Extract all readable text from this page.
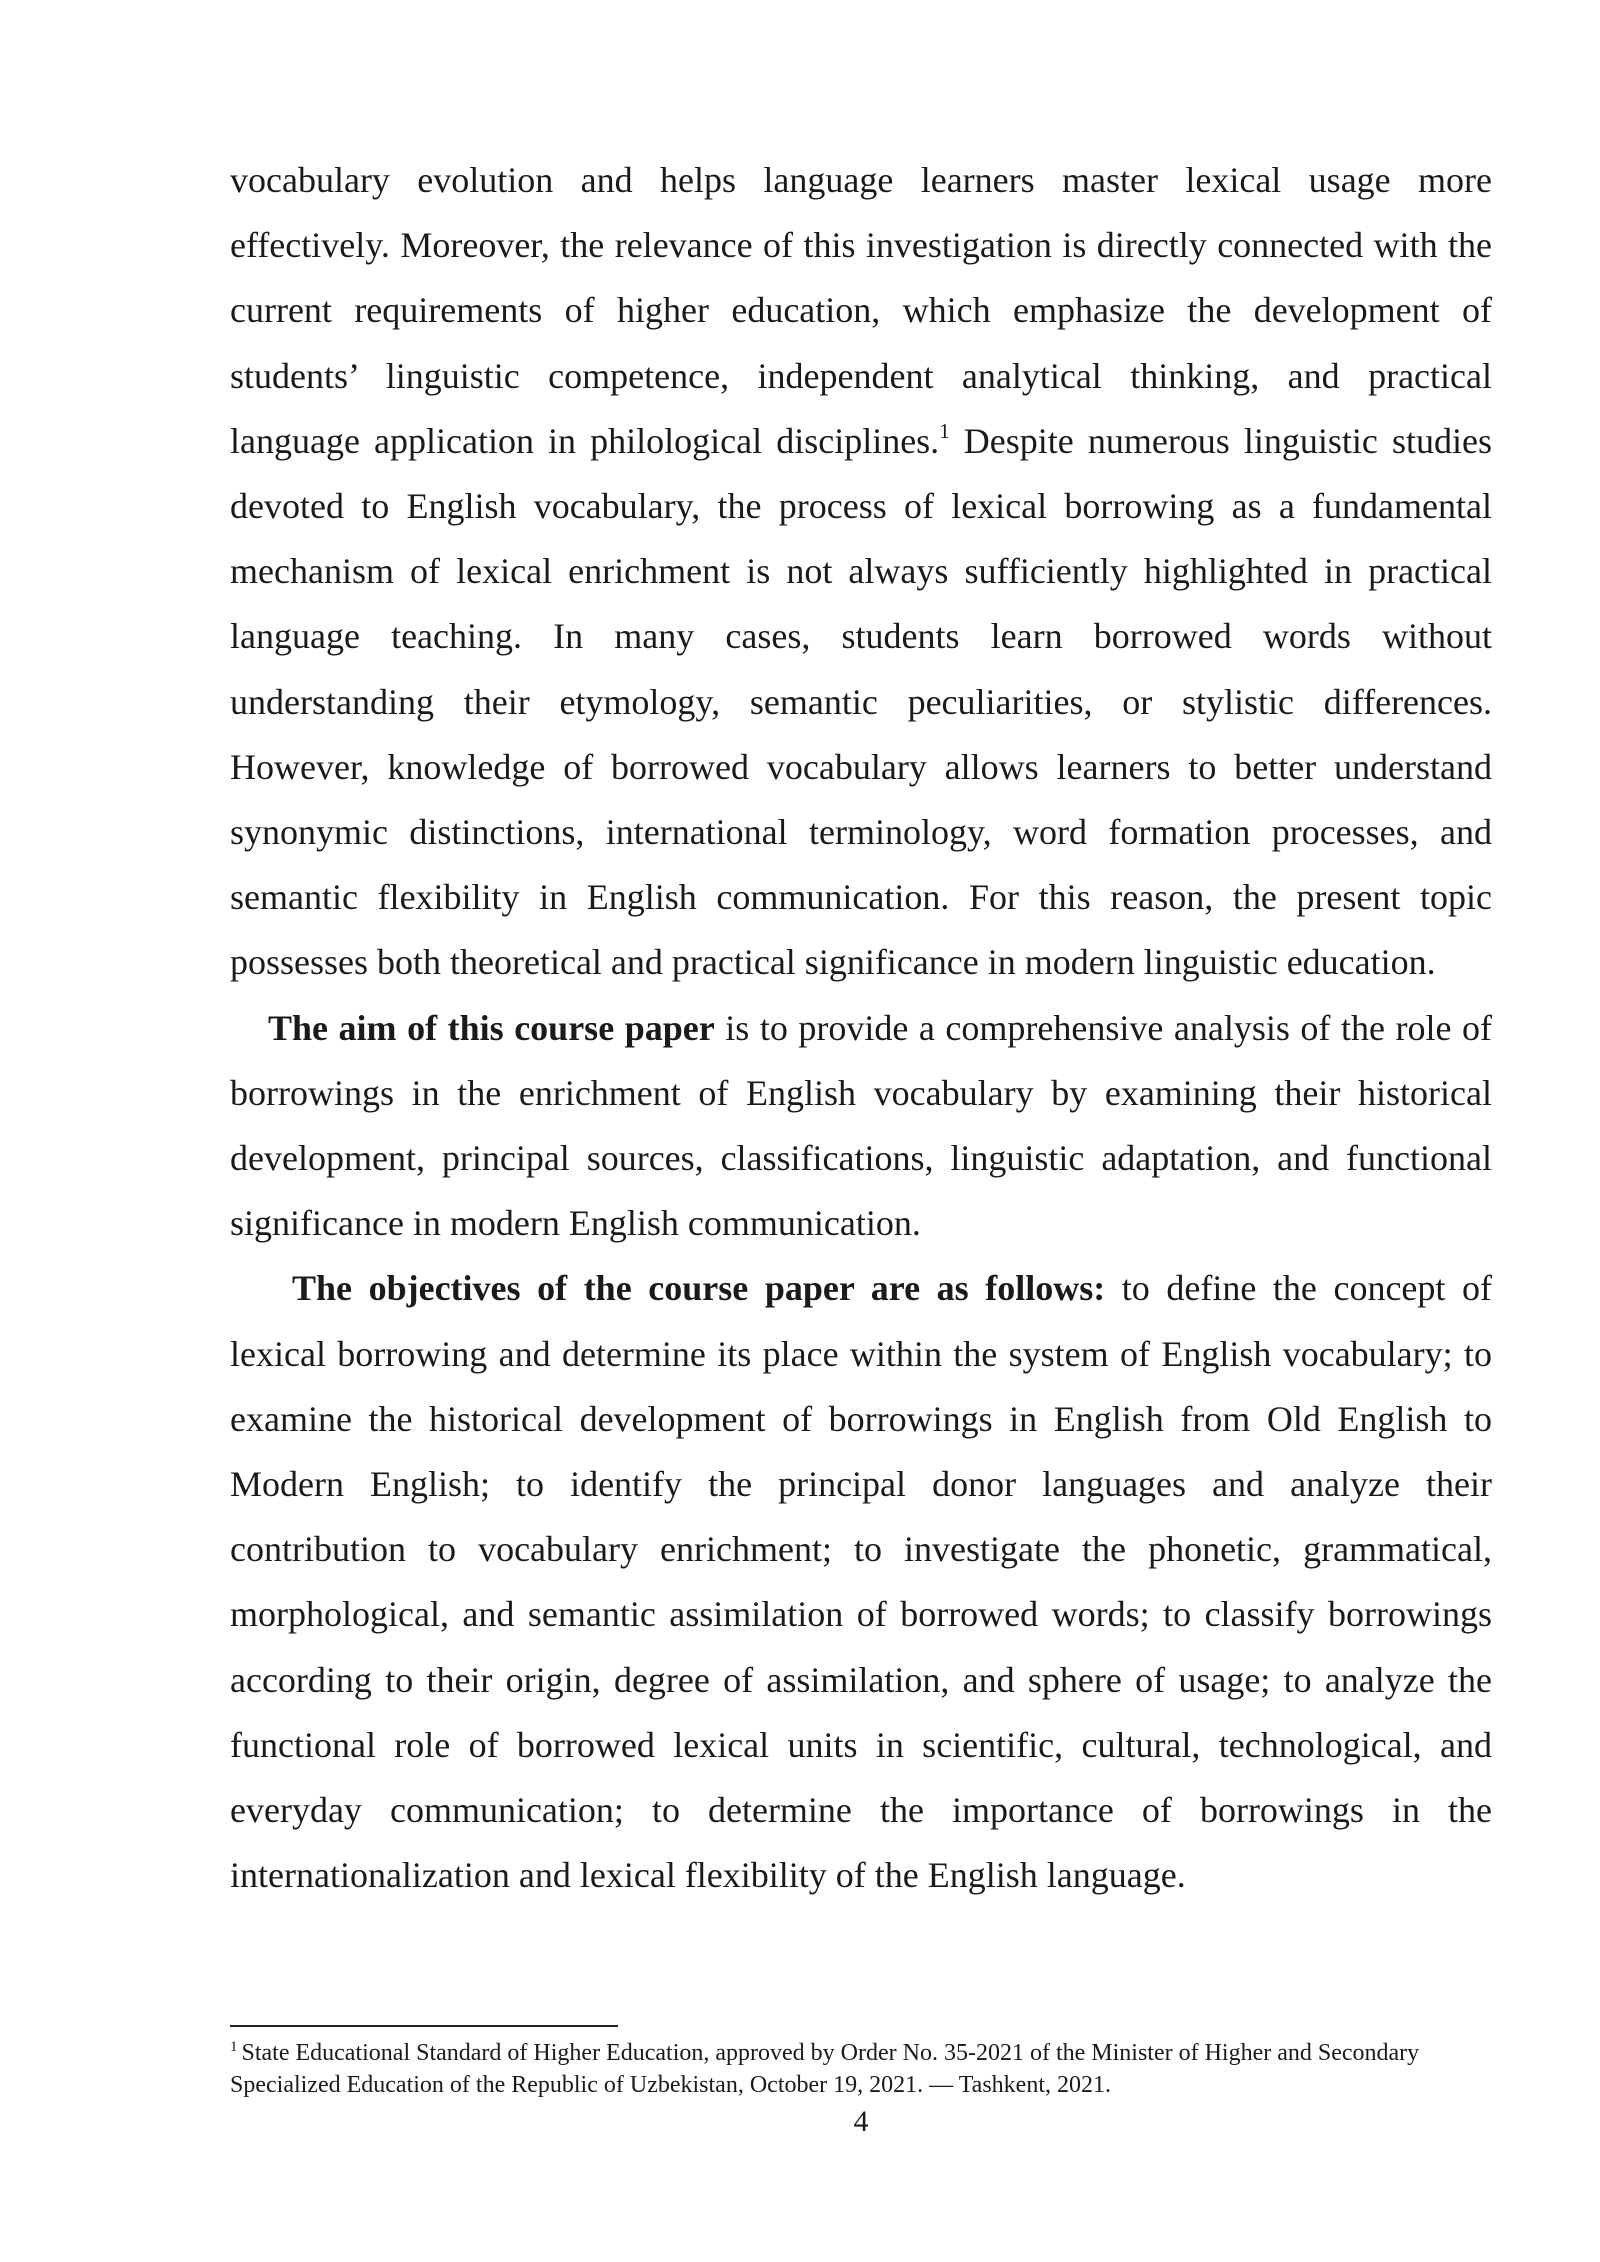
vocabulary evolution and helps language learners master lexical usage more effectively. Moreover, the relevance of this investigation is directly connected with the current requirements of higher education, which emphasize the development of students’ linguistic competence, independent analytical thinking, and practical language application in philological disciplines.$^1$ Despite numerous linguistic studies devoted to English vocabulary, the process of lexical borrowing as a fundamental mechanism of lexical enrichment is not always sufficiently highlighted in practical language teaching. In many cases, students learn borrowed words without understanding their etymology, semantic peculiarities, or stylistic differences. However, knowledge of borrowed vocabulary allows learners to better understand synonymic distinctions, international terminology, word formation processes, and semantic flexibility in English communication. For this reason, the present topic possesses both theoretical and practical significance in modern linguistic education.

The aim of this course paper is to provide a comprehensive analysis of the role of borrowings in the enrichment of English vocabulary by examining their historical development, principal sources, classifications, linguistic adaptation, and functional significance in modern English communication.

The objectives of the course paper are as follows: to define the concept of lexical borrowing and determine its place within the system of English vocabulary; to examine the historical development of borrowings in English from Old English to Modern English; to identify the principal donor languages and analyze their contribution to vocabulary enrichment; to investigate the phonetic, grammatical, morphological, and semantic assimilation of borrowed words; to classify borrowings according to their origin, degree of assimilation, and sphere of usage; to analyze the functional role of borrowed lexical units in scientific, cultural, technological, and everyday communication; to determine the importance of borrowings in the internationalization and lexical flexibility of the English language.

$^1$ State Educational Standard of Higher Education, approved by Order No. 35-2021 of the Minister of Higher and Secondary Specialized Education of the Republic of Uzbekistan, October 19, 2021. — Tashkent, 2021.

4
